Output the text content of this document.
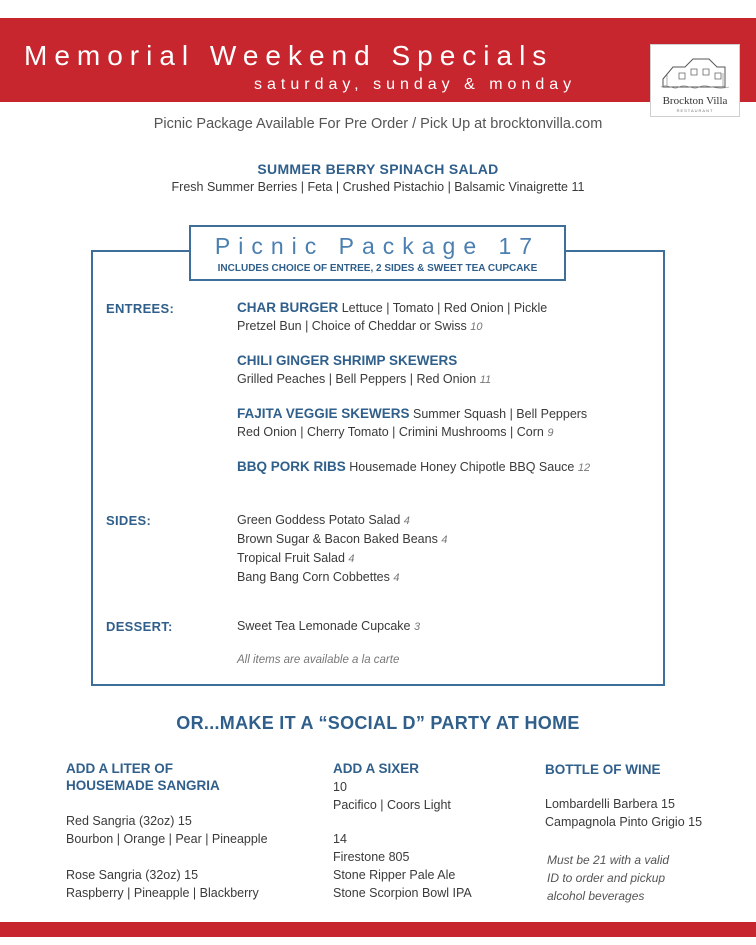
Memorial Weekend Specials
saturday, sunday & monday
Brockton Villa
RESTAURANT
Picnic Package Available For Pre Order / Pick Up at brocktonvilla.com
SUMMER BERRY SPINACH SALAD
Fresh Summer Berries | Feta | Crushed Pistachio | Balsamic Vinaigrette 11
Picnic Package 17
INCLUDES CHOICE OF ENTREE, 2 SIDES & SWEET TEA CUPCAKE
ENTREES:	CHAR BURGER Lettuce | Tomato | Red Onion | Pickle
Pretzel Bun | Choice of Cheddar or Swiss 10
CHILI GINGER SHRIMP SKEWERS
Grilled Peaches | Bell Peppers | Red Onion 11
FAJITA VEGGIE SKEWERS Summer Squash | Bell Peppers
Red Onion | Cherry Tomato | Crimini Mushrooms | Corn 9
BBQ PORK RIBS Housemade Honey Chipotle BBQ Sauce 12
SIDES:	Green Goddess Potato Salad 4
Brown Sugar & Bacon Baked Beans 4
Tropical Fruit Salad 4
Bang Bang Corn Cobbettes 4
DESSERT:	Sweet Tea Lemonade Cupcake 3
All items are available a la carte
OR...MAKE IT A “SOCIAL D” PARTY AT HOME
ADD A LITER OF
HOUSEMADE SANGRIA
Red Sangria (32oz) 15
Bourbon | Orange | Pear | Pineapple
Rose Sangria (32oz) 15
Raspberry | Pineapple | Blackberry
ADD A SIXER
10
Pacifico | Coors Light
14
Firestone 805
Stone Ripper Pale Ale
Stone Scorpion Bowl IPA
BOTTLE OF WINE
Lombardelli Barbera 15
Campagnola Pinto Grigio 15
Must be 21 with a valid
ID to order and pickup
alcohol beverages
